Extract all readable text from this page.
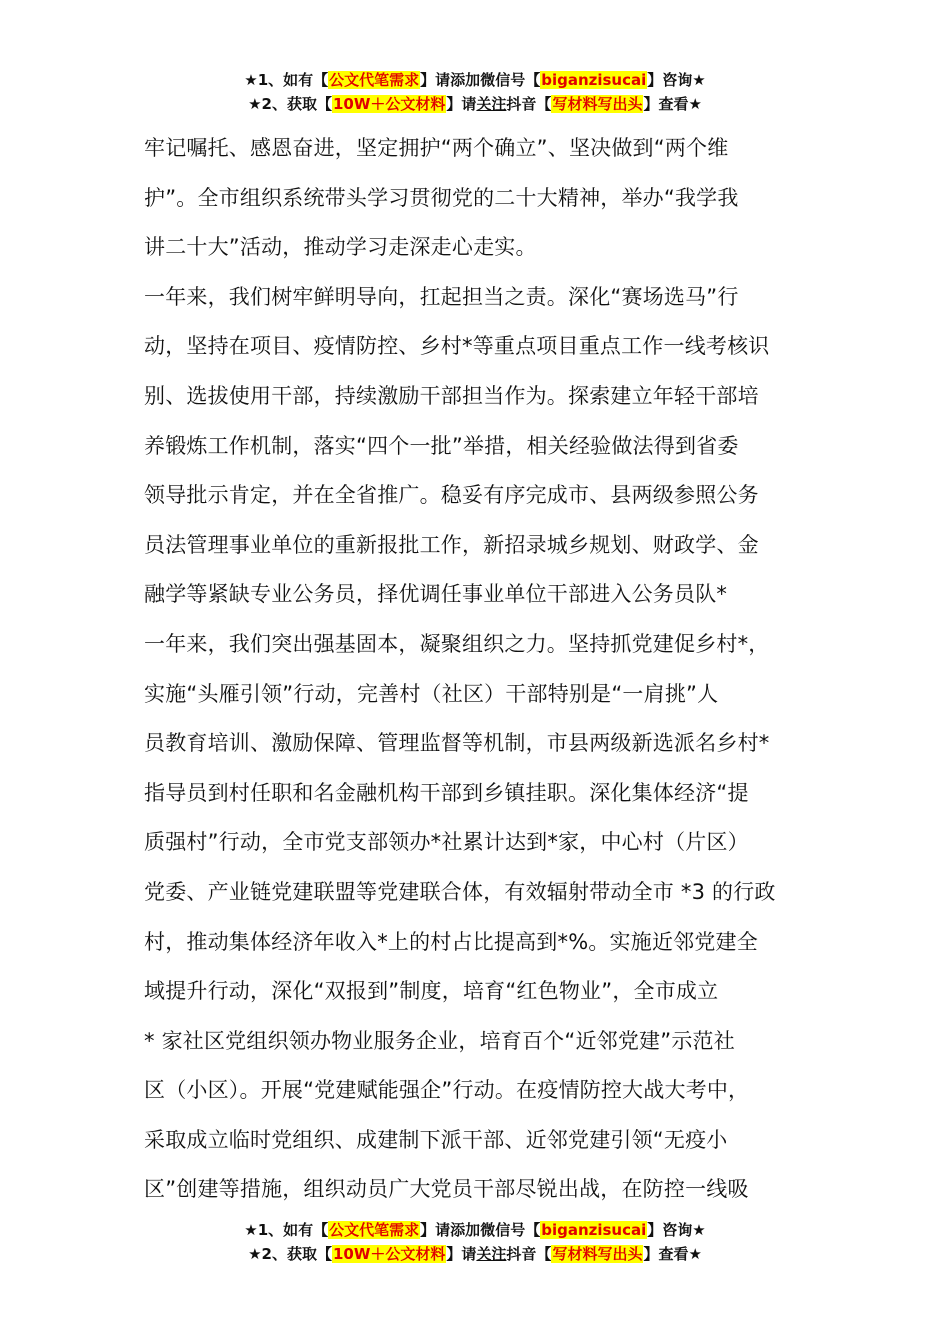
★1、如有【公文代笔需求】请添加微信号【biganzisucai】咨询★
★2、获取【10W＋公文材料】请关注抖音【写材料写出头】查看★
牢记嘱托、感恩奋进，坚定拥护“两个确立”、坚决做到“两个维
护”。全市组织系统带头学习贯彻党的二十大精神，举办“我学我
讲二十大”活动，推动学习走深走心走实。
一年来，我们树牢鲜明导向，扛起担当之责。深化“赛场选马”行
动，坚持在项目、疫情防控、乡村*等重点项目重点工作一线考核识
别、选拔使用干部，持续激励干部担当作为。探索建立年轻干部培
养锻炼工作机制，落实“四个一批”举措，相关经验做法得到省委
领导批示肯定，并在全省推广。稳妥有序完成市、县两级参照公务
员法管理事业单位的重新报批工作，新招录城乡规划、财政学、金
融学等紧缺专业公务员，择优调任事业单位干部进入公务员队*
一年来，我们突出强基固本，凝聚组织之力。坚持抓党建促乡村*，
实施“头雁引领”行动，完善村（社区）干部特别是“一肩挑”人
员教育培训、激励保障、管理监督等机制，市县两级新选派名乡村*
指导员到村任职和名金融机构干部到乡镇挂职。深化集体经济“提
质强村”行动，全市党支部领办*社累计达到*家，中心村（片区）
党委、产业链党建联盟等党建联合体，有效辐射带动全市 *3 的行政
村，推动集体经济年收入*上的村占比提高到*%。实施近邻党建全
域提升行动，深化“双报到”制度，培育“红色物业”，全市成立
* 家社区党组织领办物业服务企业，培育百个“近邻党建”示范社
区（小区）。开展“党建赋能强企”行动。在疫情防控大战大考中，
采取成立临时党组织、成建制下派干部、近邻党建引领“无疫小
区”创建等措施，组织动员广大党员干部尽锐出战，在防控一线吸
★1、如有【公文代笔需求】请添加微信号【biganzisucai】咨询★
★2、获取【10W＋公文材料】请关注抖音【写材料写出头】查看★
